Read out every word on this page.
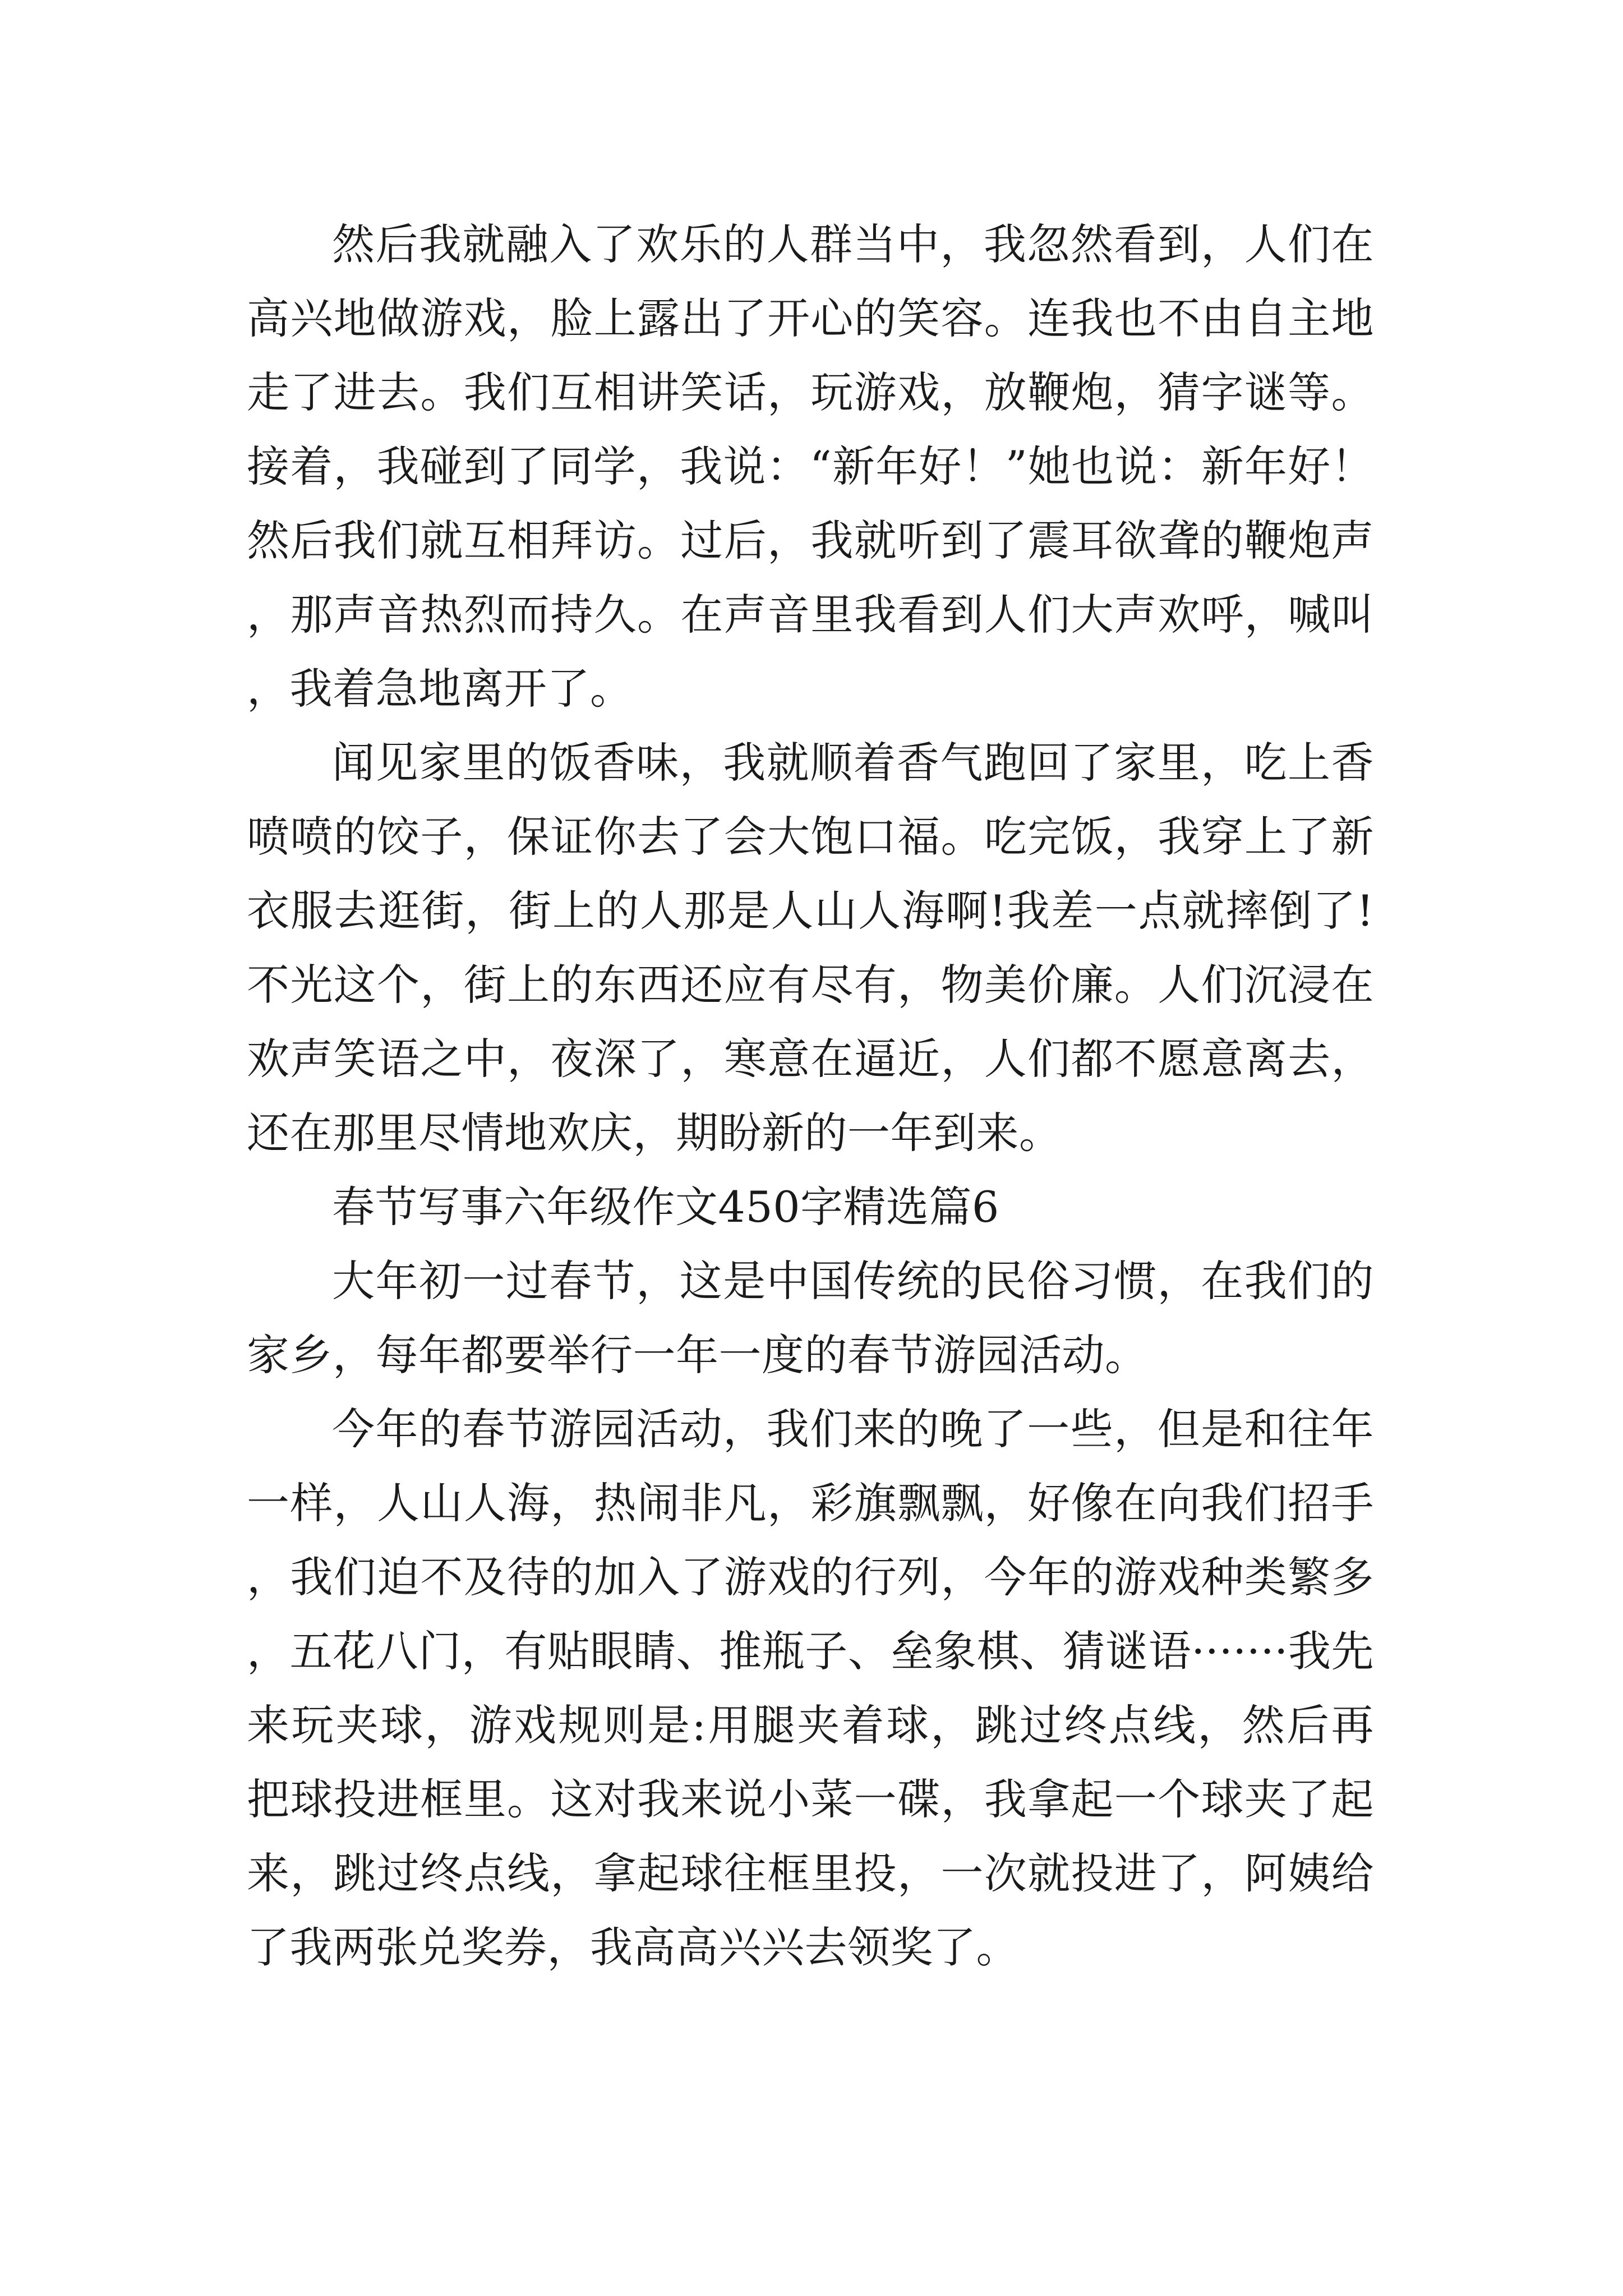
然后我就融入了欢乐的人群当中，我忽然看到，人们在高兴地做游戏，脸上露出了开心的笑容。连我也不由自主地走了进去。我们互相讲笑话，玩游戏，放鞭炮，猜字谜等。接着，我碰到了同学，我说：“新年好！”她也说：新年好！然后我们就互相拜访。过后，我就听到了震耳欲聋的鞭炮声，那声音热烈而持久。在声音里我看到人们大声欢呼，喊叫，我着急地离开了。

闻见家里的饭香味，我就顺着香气跑回了家里，吃上香喷喷的饺子，保证你去了会大饱口福。吃完饭，我穿上了新衣服去逛街，街上的人那是人山人海啊!我差一点就摔倒了!不光这个，街上的东西还应有尽有，物美价廉。人们沉浸在欢声笑语之中，夜深了，寒意在逼近，人们都不愿意离去，还在那里尽情地欢庆，期盼新的一年到来。

春节写事六年级作文450字精选篇6

大年初一过春节，这是中国传统的民俗习惯，在我们的家乡，每年都要举行一年一度的春节游园活动。

今年的春节游园活动，我们来的晚了一些，但是和往年一样，人山人海，热闹非凡，彩旗飘飘，好像在向我们招手，我们迫不及待的加入了游戏的行列，今年的游戏种类繁多，五花八门，有贴眼睛、推瓶子、垒象棋、猜谜语·······我先来玩夹球，游戏规则是:用腿夹着球，跳过终点线，然后再把球投进框里。这对我来说小菜一碟，我拿起一个球夹了起来，跳过终点线，拿起球往框里投，一次就投进了，阿姨给了我两张兑奖券，我高高兴兴去领奖了。
